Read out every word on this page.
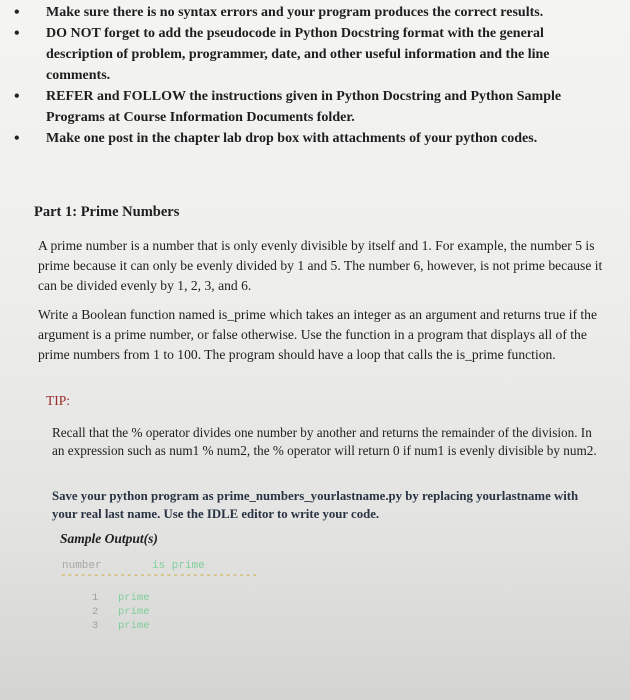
• Make sure there is no syntax errors and your program produces the correct results.

• DO NOT forget to add the pseudocode in Python Docstring format with the general description of problem, programmer, date, and other useful information and the line comments.

• REFER and FOLLOW the instructions given in Python Docstring and Python Sample Programs at Course Information Documents folder.

• Make one post in the chapter lab drop box with attachments of your python codes.

Part 1: Prime Numbers

A prime number is a number that is only evenly divisible by itself and 1. For example, the number 5 is prime because it can only be evenly divided by 1 and 5. The number 6, however, is not prime because it can be divided evenly by 1, 2, 3, and 6.

Write a Boolean function named is_prime which takes an integer as an argument and returns true if the argument is a prime number, or false otherwise. Use the function in a program that displays all of the prime numbers from 1 to 100. The program should have a loop that calls the is_prime function.

TIP:

Recall that the % operator divides one number by another and returns the remainder of the division. In an expression such as num1 % num2, the % operator will return 0 if num1 is evenly divisible by num2.

Save your python program as prime_numbers_yourlastname.py by replacing yourlastname with your real last name. Use the IDLE editor to write your code.

Sample Output(s)
number	is prime
------------------------------
1 prime
2 prime
3 prime
